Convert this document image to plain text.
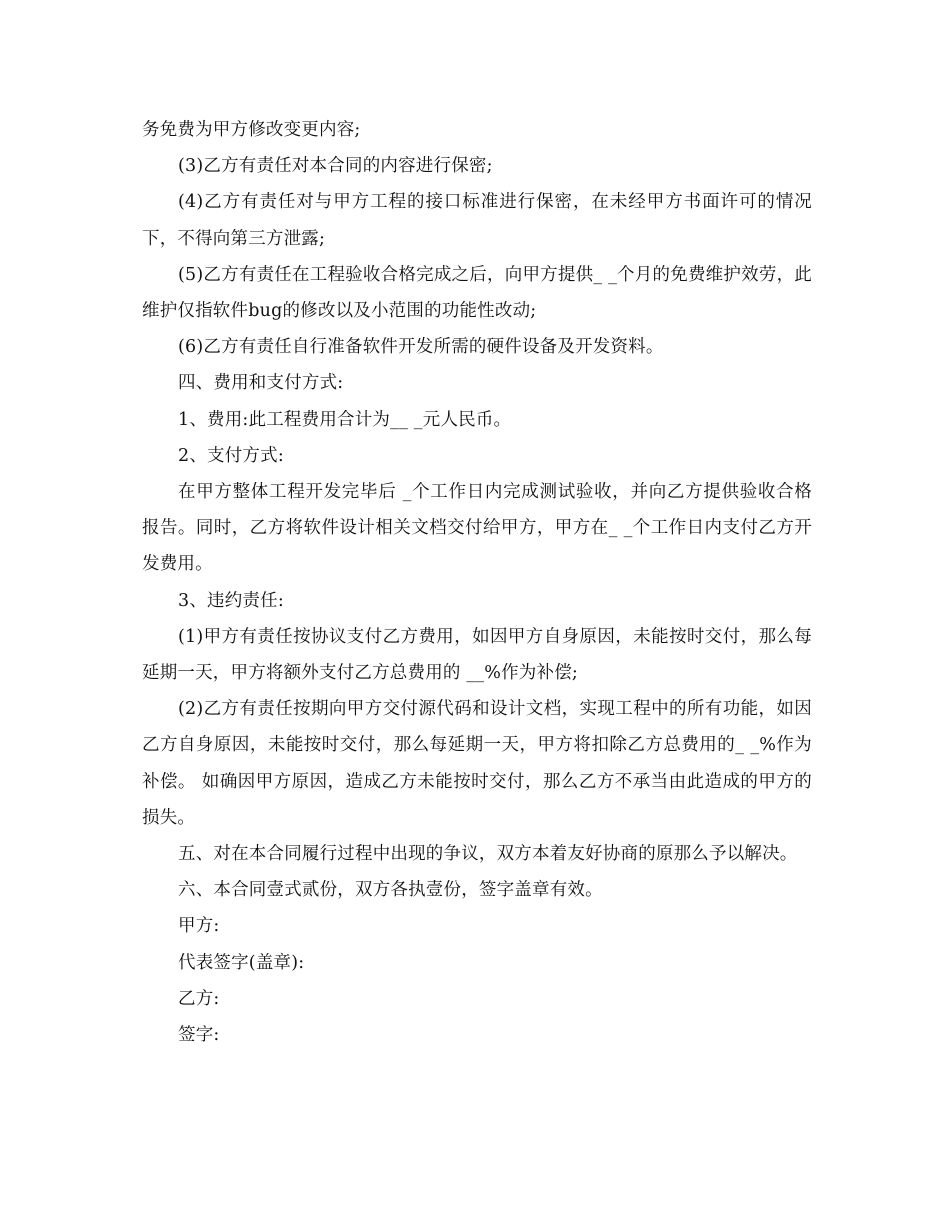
务免费为甲方修改变更内容;

(3)乙方有责任对本合同的内容进行保密;

(4)乙方有责任对与甲方工程的接口标准进行保密，在未经甲方书面许可的情况下，不得向第三方泄露;

(5)乙方有责任在工程验收合格完成之后，向甲方提供_ _个月的免费维护效劳，此维护仅指软件bug的修改以及小范围的功能性改动;

(6)乙方有责任自行准备软件开发所需的硬件设备及开发资料。

四、费用和支付方式:

1、费用:此工程费用合计为__ _元人民币。

2、支付方式:

在甲方整体工程开发完毕后 _个工作日内完成测试验收，并向乙方提供验收合格报告。同时，乙方将软件设计相关文档交付给甲方，甲方在_ _个工作日内支付乙方开发费用。

3、违约责任:

(1)甲方有责任按协议支付乙方费用，如因甲方自身原因，未能按时交付，那么每延期一天，甲方将额外支付乙方总费用的 __%作为补偿;

(2)乙方有责任按期向甲方交付源代码和设计文档，实现工程中的所有功能，如因乙方自身原因，未能按时交付，那么每延期一天，甲方将扣除乙方总费用的_ _%作为补偿。 如确因甲方原因，造成乙方未能按时交付，那么乙方不承当由此造成的甲方的损失。

五、对在本合同履行过程中出现的争议，双方本着友好协商的原那么予以解决。

六、本合同壹式贰份，双方各执壹份，签字盖章有效。

甲方:

代表签字(盖章):

乙方:

签字:
